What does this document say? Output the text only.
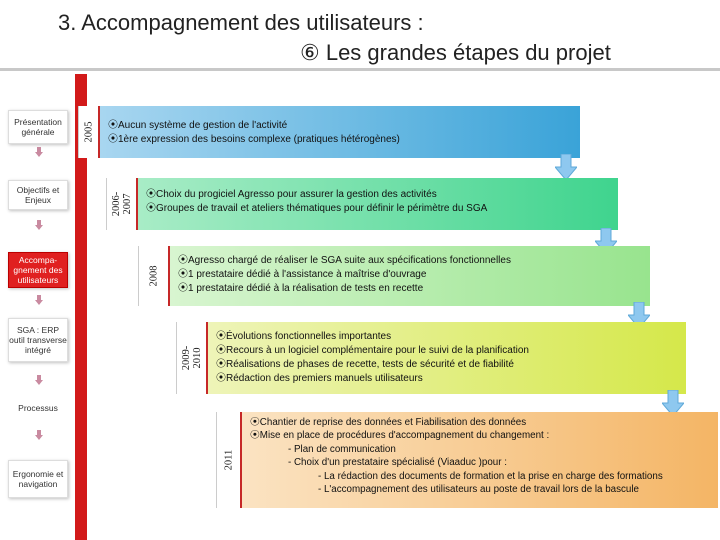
3. Accompagnement des utilisateurs :
⑥ Les grandes étapes du projet
Présentation générale
Objectifs et Enjeux
Accompa-gnement des utilisateurs
SGA : ERP outil transverse intégré
Processus
Ergonomie et navigation
⦿Aucun système de gestion de l'activité
⦿1ère expression des besoins complexe (pratiques hétérogènes)
2005
⦿Choix du progiciel Agresso pour assurer la gestion des activités
⦿Groupes de travail et ateliers thématiques pour définir le périmètre du SGA
2006- 2007
⦿Agresso chargé de réaliser le SGA suite aux spécifications fonctionnelles
⦿1 prestataire dédié à l'assistance à maîtrise d'ouvrage
⦿1 prestataire dédié à la réalisation de tests en recette
2008
⦿Évolutions fonctionnelles importantes
⦿Recours à un logiciel complémentaire pour le suivi de la planification
⦿Réalisations de phases de recette, tests de sécurité et de fiabilité
⦿Rédaction des premiers manuels utilisateurs
2009- 2010
⦿Chantier de reprise des données et Fiabilisation des données
⦿Mise en place de procédures d'accompagnement du changement :
- Plan de communication
- Choix d'un prestataire spécialisé (Viaaduc )pour :
- La rédaction des documents de formation et la prise en charge des formations
- L'accompagnement des utilisateurs au poste de travail lors de la bascule
2011
